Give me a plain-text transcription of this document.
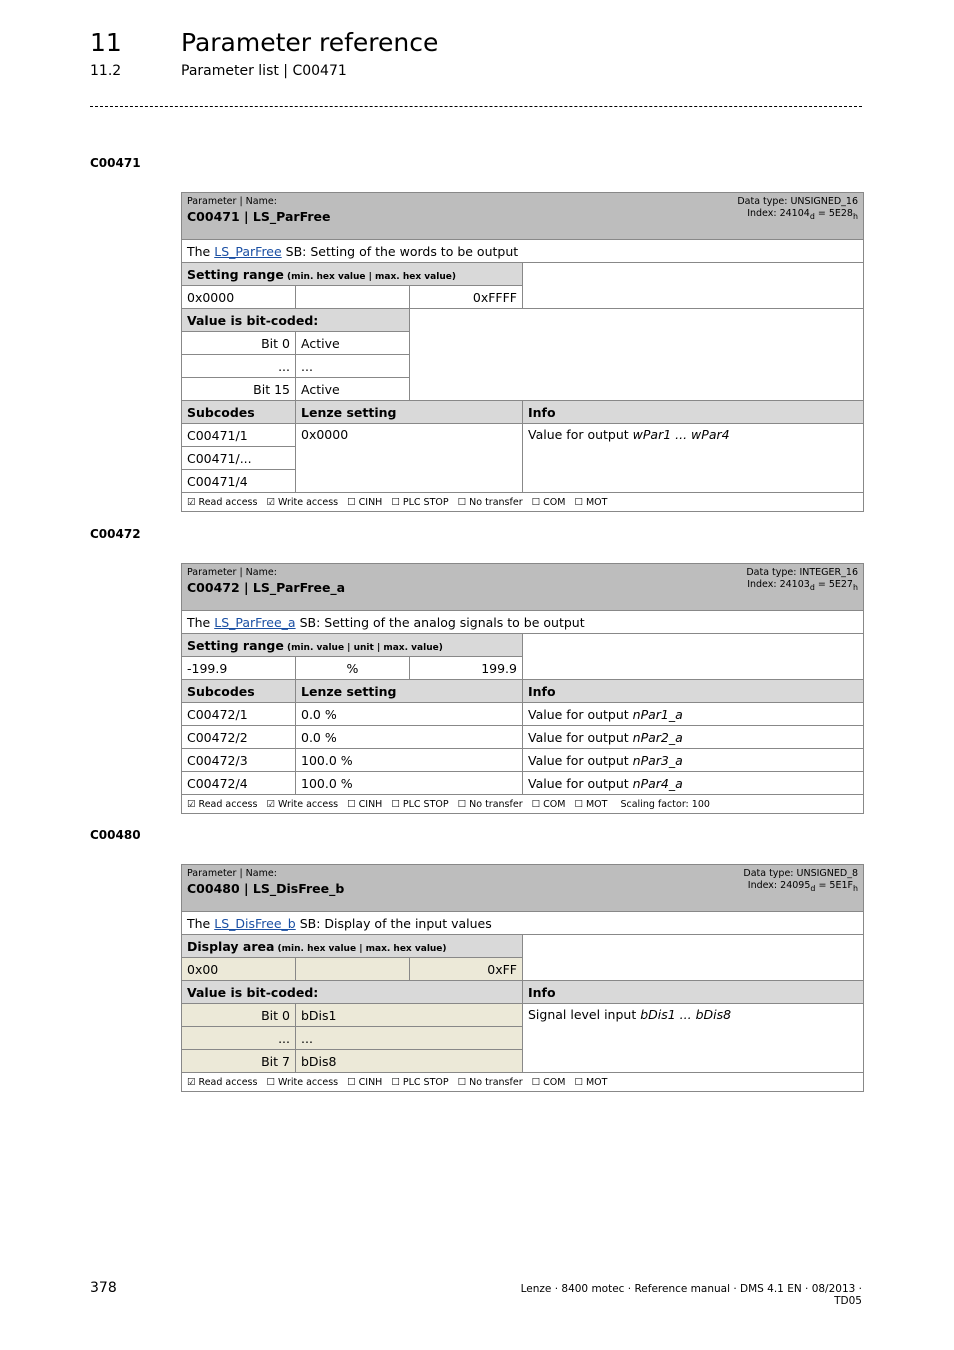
11 Parameter reference
11.2	Parameter list | C00471
C00471
Data type: UNSIGNED_16
Index: $24104_d = 5E28_h$
Parameter | Name:
C00471 | LS_ParFree			

The LS_ParFree SB: Setting of the words to be output			
Setting range (min. hex value | max. hex value)			
0x0000		0xFFFF	
Value is bit-coded:			
Bit 0	Active		
...	...		
Bit 15	Active		
Subcodes	Lenze setting		Info
C00471/1	0x0000		Value for output wPar1 ... wPar4
C00471/...			
C00471/4			
☑ Read access ☑ Write access ☐ CINH ☐ PLC STOP ☐ No transfer ☐ COM ☐ MOT			
C00472
Data type: INTEGER_16
Index: $24103_d = 5E27_h$
Parameter | Name:
C00472 | LS_ParFree_a			

The LS_ParFree_a SB: Setting of the analog signals to be output			
Setting range (min. value | unit | max. value)			
-199.9	%	199.9	
Subcodes	Lenze setting		Info
C00472/1	0.0 %		Value for output nPar1_a
C00472/2	0.0 %		Value for output nPar2_a
C00472/3	100.0 %		Value for output nPar3_a
C00472/4	100.0 %		Value for output nPar4_a
☑ Read access ☑ Write access ☐ CINH ☐ PLC STOP ☐ No transfer ☐ COM ☐ MOT Scaling factor: 100			
C00480
Data type: UNSIGNED_8
Index: $24095_d = 5E1F_h$
Parameter | Name:
C00480 | LS_DisFree_b			

The LS_DisFree_b SB: Display of the input values			
Display area (min. hex value | max. hex value)			
0x00		0xFF	
Value is bit-coded:			Info
Bit 0	bDis1		Signal level input bDis1 ... bDis8
...	...		
Bit 7	bDis8		
☑ Read access ☐ Write access ☐ CINH ☐ PLC STOP ☐ No transfer ☐ COM ☐ MOT			
378	Lenze · 8400 motec · Reference manual · DMS 4.1 EN · 08/2013 · TD05
